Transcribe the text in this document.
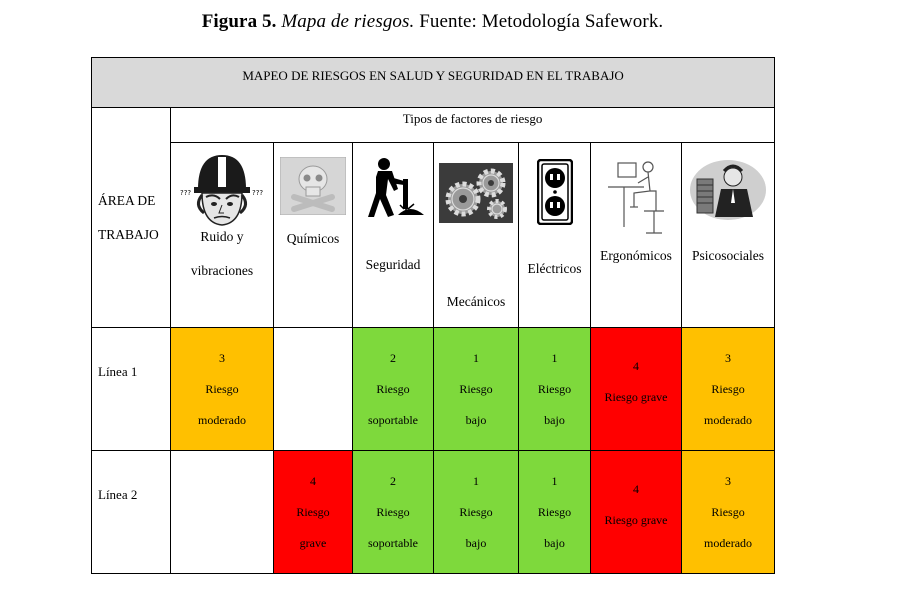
Figura 5. Mapa de riesgos. Fuente: Metodología Safework.
MAPEO DE RIESGOS EN SALUD Y SEGURIDAD EN EL TRABAJO							

ÁREA DE
TRABAJO	Tipos de factores de riesgo						

??? ???
Ruido y
vibraciones	Químicos	Seguridad	Mecánicos	Eléctricos	Ergonómicos	Psicosociales

Línea 1	3
Riesgo
moderado		2
Riesgo
soportable	1
Riesgo
bajo	1
Riesgo
bajo	4
Riesgo grave	3
Riesgo
moderado

Línea 2		4
Riesgo
grave	2
Riesgo
soportable	1
Riesgo
bajo	1
Riesgo
bajo	4
Riesgo grave	3
Riesgo
moderado
